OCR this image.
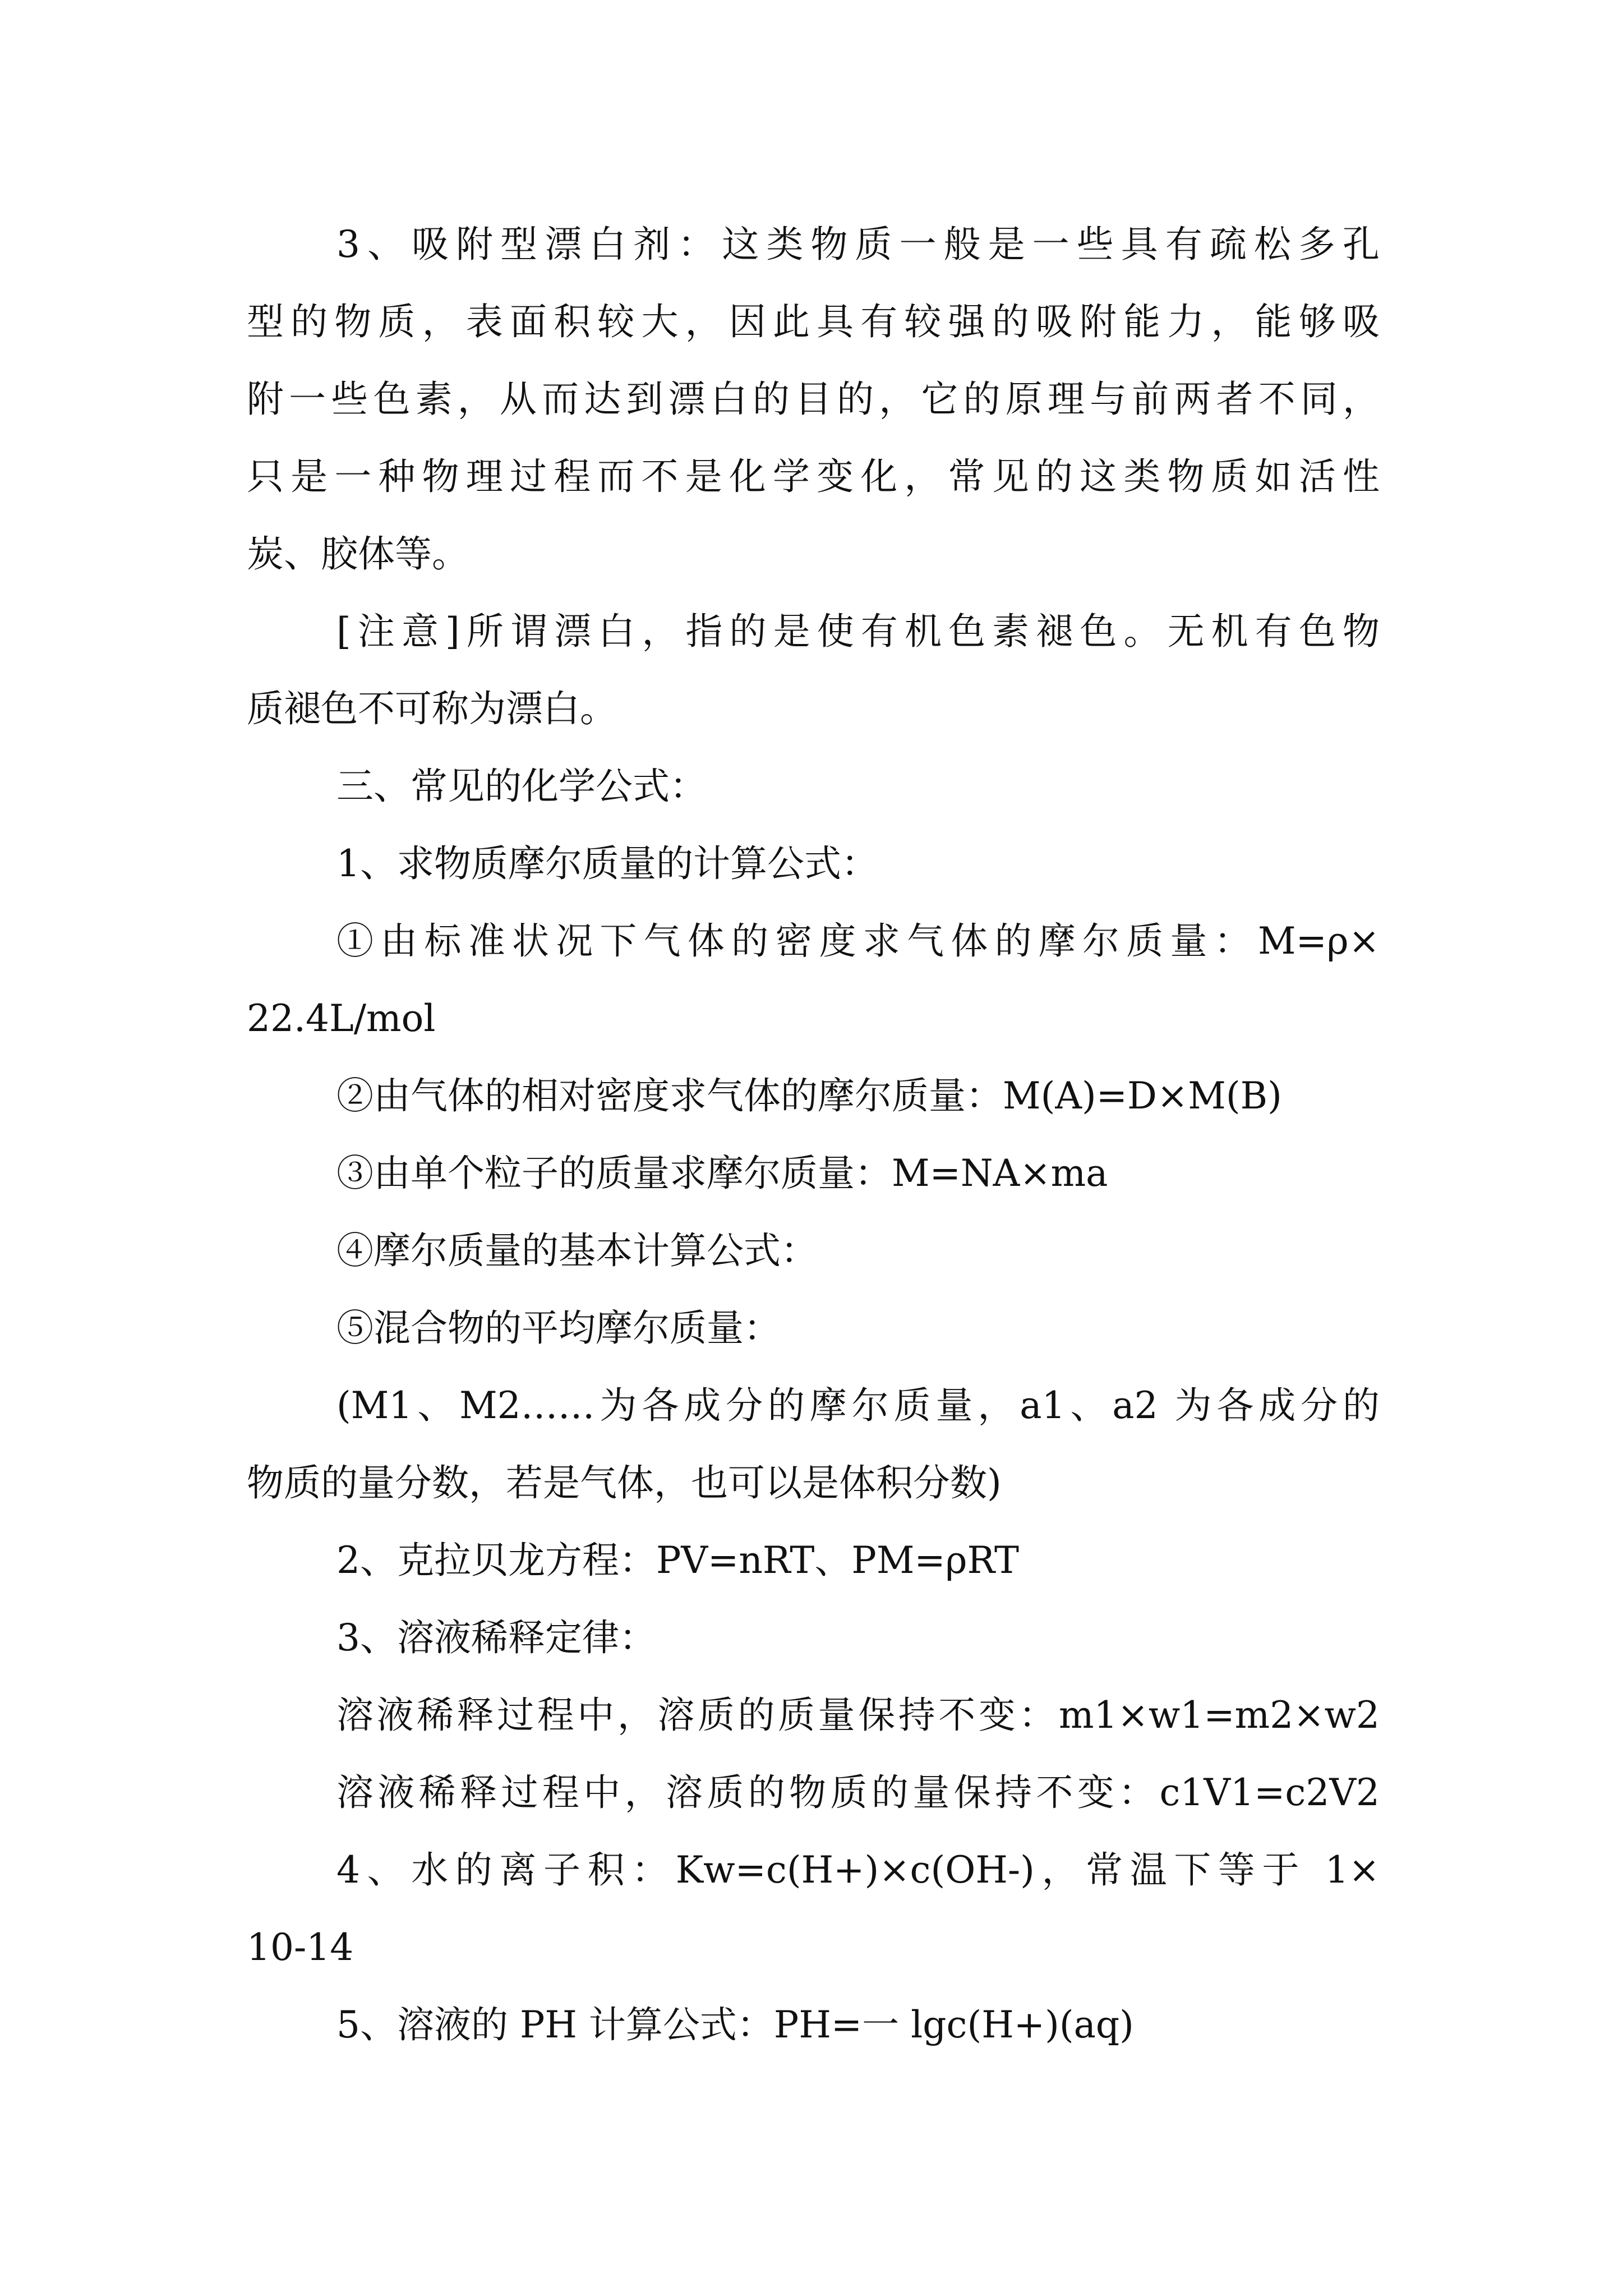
3、吸附型漂白剂：这类物质一般是一些具有疏松多孔
型的物质，表面积较大，因此具有较强的吸附能力，能够吸
附一些色素，从而达到漂白的目的，它的原理与前两者不同，
只是一种物理过程而不是化学变化，常见的这类物质如活性
炭、胶体等。
[注意]所谓漂白，指的是使有机色素褪色。无机有色物
质褪色不可称为漂白。
三、常见的化学公式：
1、求物质摩尔质量的计算公式：
①由标准状况下气体的密度求气体的摩尔质量：M=ρ×
22.4L/mol
②由气体的相对密度求气体的摩尔质量：M(A)=D×M(B)
③由单个粒子的质量求摩尔质量：M=NA×ma
④摩尔质量的基本计算公式：
⑤混合物的平均摩尔质量：
(M1、M2……为各成分的摩尔质量，a1、a2 为各成分的
物质的量分数，若是气体，也可以是体积分数)
2、克拉贝龙方程：PV=nRT、PM=ρRT
3、溶液稀释定律：
溶液稀释过程中，溶质的质量保持不变：m1×w1=m2×w2
溶液稀释过程中，溶质的物质的量保持不变：c1V1=c2V2
4、水的离子积：Kw=c(H+)×c(OH-)，常温下等于 1×
10-14
5、溶液的 PH 计算公式：PH=一 lgc(H+)(aq)
